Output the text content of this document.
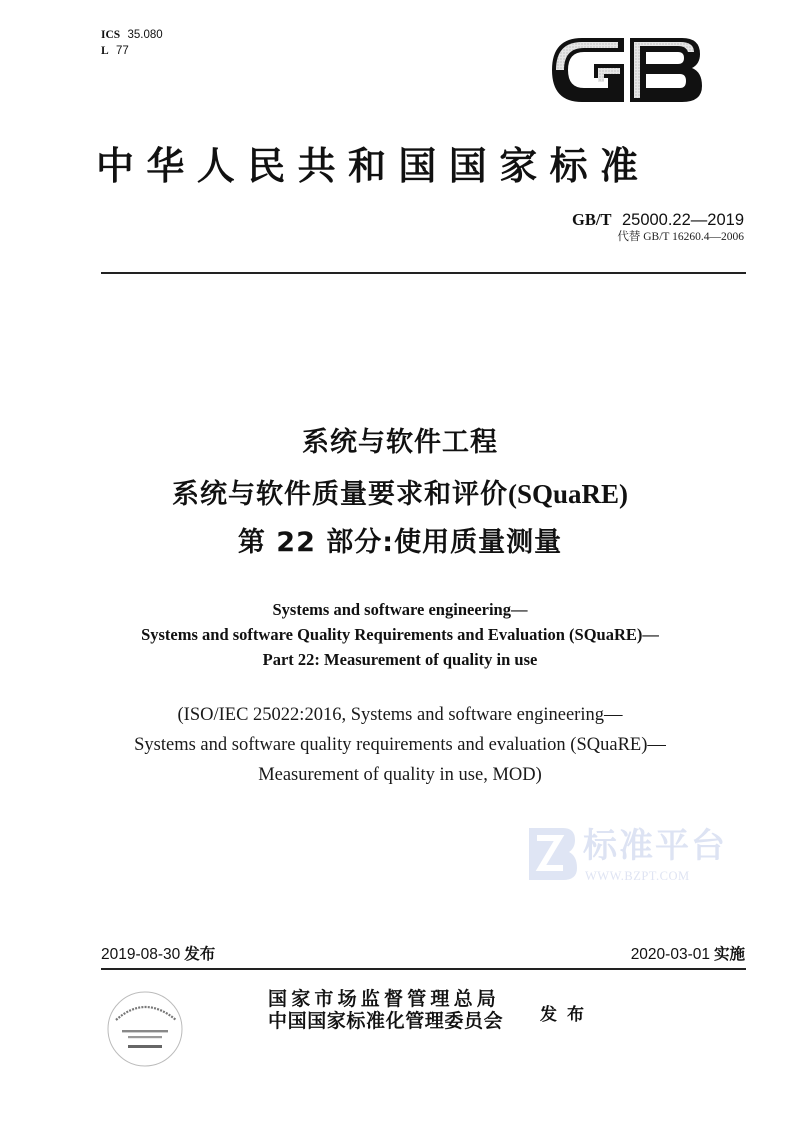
ICS 35.080
L 77
中华人民共和国国家标准
GB/T 25000.22—2019
代替 GB/T 16260.4—2006
系统与软件工程
系统与软件质量要求和评价(SQuaRE)
第 22 部分:使用质量测量
Systems and software engineering—
Systems and software Quality Requirements and Evaluation (SQuaRE)—
Part 22: Measurement of quality in use
(ISO/IEC 25022:2016, Systems and software engineering—
Systems and software quality requirements and evaluation (SQuaRE)—
Measurement of quality in use, MOD)
标准平台
WWW.BZPT.COM
2019-08-30 发布	2020-03-01 实施
国家市场监督管理总局
中国国家标准化管理委员会 发布
